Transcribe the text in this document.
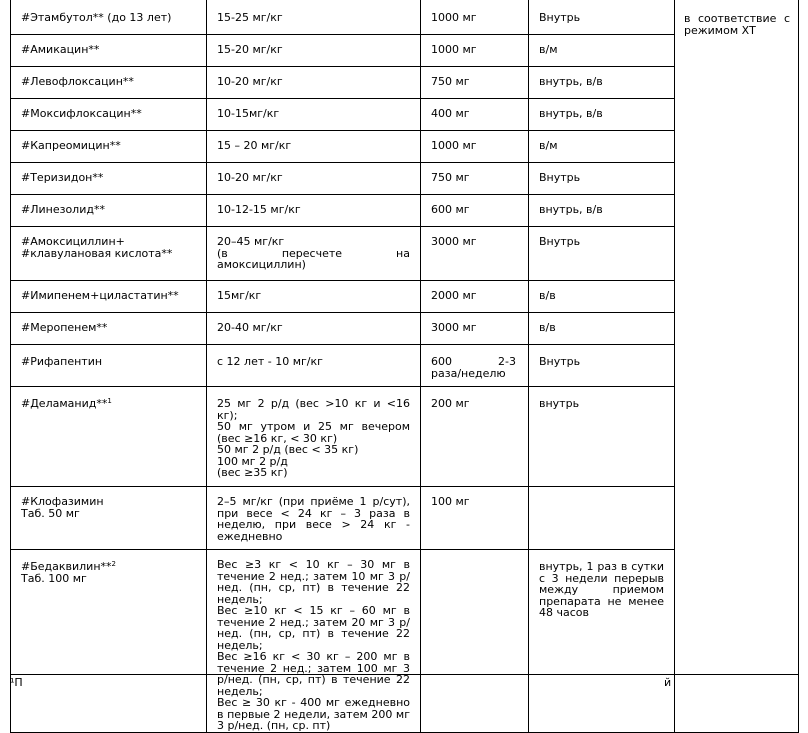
#Этамбутол** (до 13 лет)	15-25 мг/кг	1000 мг	Внутрь	в соответствие с режимом ХТ

#Амикацин**	15-20 мг/кг	1000 мг	в/м	

#Левофлоксацин**	10-20 мг/кг	750 мг	внутрь, в/в	

#Моксифлоксацин**	10-15мг/кг	400 мг	внутрь, в/в	

#Капреомицин**	15 – 20 мг/кг	1000 мг	в/м	

#Теризидон**	10-20 мг/кг	750 мг	Внутрь	

#Линезолид**	10-12-15 мг/кг	600 мг	внутрь, в/в	

#Амоксициллин+
#клавулановая кислота**	20–45 мг/кг
(в пересчете на
амоксициллин)	3000 мг	Внутрь	

#Имипенем+циластатин**	15мг/кг	2000 мг	в/в	

#Меропенем**	20-40 мг/кг	3000 мг	в/в	

#Рифапентин	с 12 лет - 10 мг/кг	600 2-3
раза/неделю	Внутрь	

#Деламанид**$^1$	25 мг 2 р/д (вес >10 кг и <16 кг);
50 мг утром и 25 мг вечером (вес ≥16 кг, < 30 кг)
50 мг 2 р/д (вес < 35 кг)
100 мг 2 р/д
(вес ≥35 кг)	200 мг	внутрь	

#Клофазимин
Таб. 50 мг	2–5 мг/кг (при приёме 1 р/сут), при весе < 24 кг – 3 раза в неделю, при весе > 24 кг - ежедневно	100 мг		

#Бедаквилин**$^2$
Таб. 100 мг	Вес ≥3 кг < 10 кг – 30 мг в течение 2 нед.; затем 10 мг 3 р/нед. (пн, ср, пт) в течение 22 недель;
Вес ≥10 кг < 15 кг – 60 мг в течение 2 нед.; затем 20 мг 3 р/нед. (пн, ср, пт) в течение 22 недель;
Вес ≥16 кг < 30 кг – 200 мг в течение 2 нед.; затем 100 мг 3 р/нед. (пн, ср, пт) в течение 22 недель;
Вес ≥ 30 кг - 400 мг ежедневно в первые 2 недели, затем 200 мг 3 р/нед. (пн, ср. пт)		внутрь, 1 раз в сутки с 3 недели перерыв между приемом препарата не менее 48 часов	
¹П	й
